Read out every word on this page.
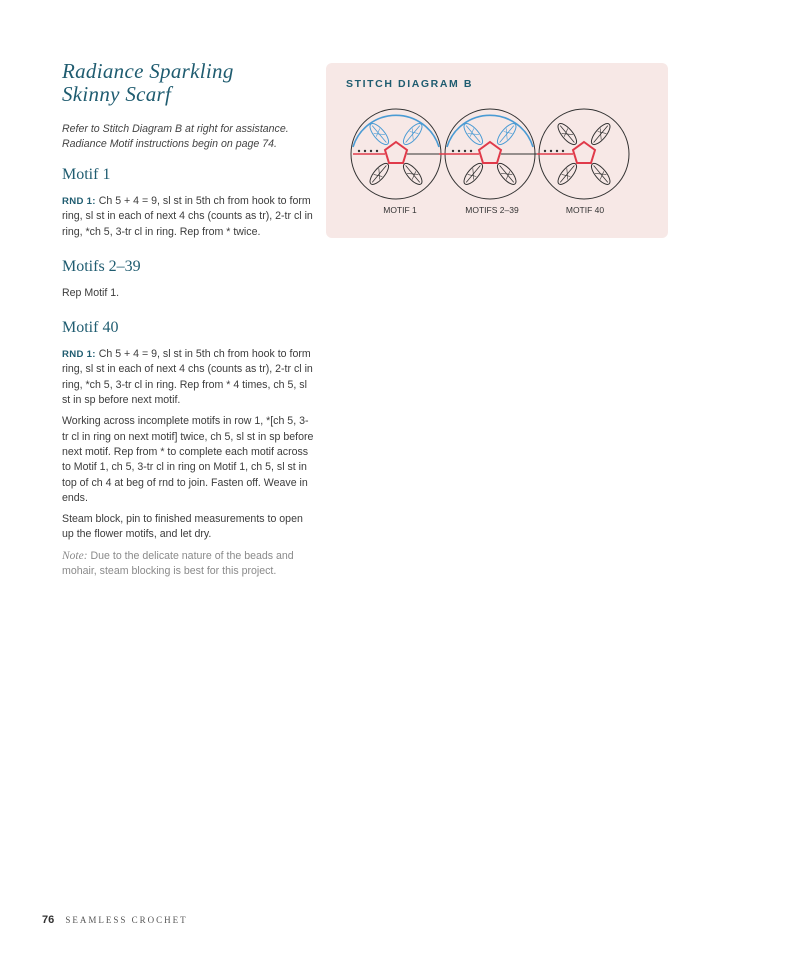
Radiance Sparkling
Skinny Scarf

Refer to Stitch Diagram B at right for assistance. Radiance Motif instructions begin on page 74.

Motif 1

RND 1: Ch 5 + 4 = 9, sl st in 5th ch from hook to form ring, sl st in each of next 4 chs (counts as tr), 2-tr cl in ring, *ch 5, 3-tr cl in ring. Rep from * twice.

Motifs 2–39

Rep Motif 1.

Motif 40

RND 1: Ch 5 + 4 = 9, sl st in 5th ch from hook to form ring, sl st in each of next 4 chs (counts as tr), 2-tr cl in ring, *ch 5, 3-tr cl in ring. Rep from * 4 times, ch 5, sl st in sp before next motif.

Working across incomplete motifs in row 1, *[ch 5, 3-tr cl in ring on next motif] twice, ch 5, sl st in sp before next motif. Rep from * to complete each motif across to Motif 1, ch 5, 3-tr cl in ring on Motif 1, ch 5, sl st in top of ch 4 at beg of rnd to join. Fasten off. Weave in ends.

Steam block, pin to finished measurements to open up the flower motifs, and let dry.

Note: Due to the delicate nature of the beads and mohair, steam blocking is best for this project.

STITCH DIAGRAM B

MOTIF 1	MOTIFS 2–39	MOTIF 40
76 SEAMLESS CROCHET
